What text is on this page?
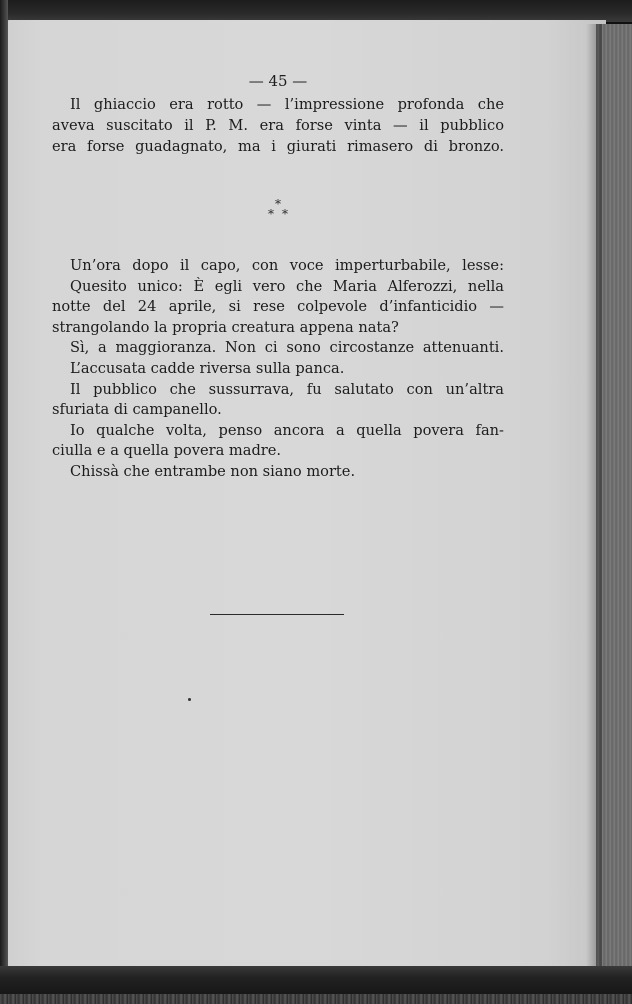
— 45 —
Il ghiaccio era rotto — l’impressione profonda che
aveva suscitato il P. M. era forse vinta — il pubblico
era forse guadagnato, ma i giurati rimasero di bronzo.
*
* *
Un’ora dopo il capo, con voce imperturbabile, lesse:
Quesito unico: È egli vero che Maria Alferozzi, nella
notte del 24 aprile, si rese colpevole d’infanticidio —
strangolando la propria creatura appena nata?
Sì, a maggioranza. Non ci sono circostanze attenuanti.
L’accusata cadde riversa sulla panca.
Il pubblico che sussurrava, fu salutato con un’altra
sfuriata di campanello.
Io qualche volta, penso ancora a quella povera fan-
ciulla e a quella povera madre.
Chissà che entrambe non siano morte.
